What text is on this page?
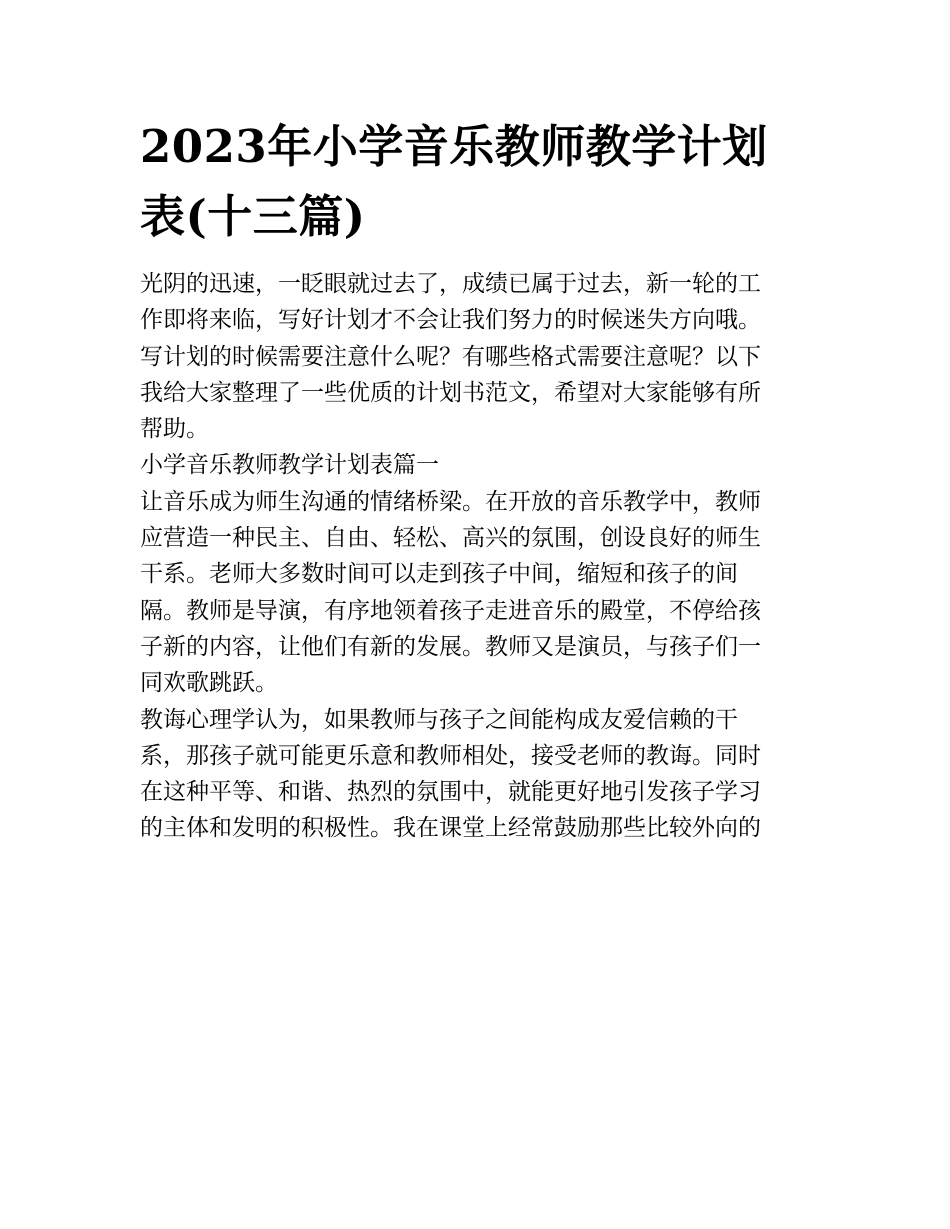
2023年小学音乐教师教学计划
表(十三篇)

光阴的迅速，一眨眼就过去了，成绩已属于过去，新一轮的工
作即将来临，写好计划才不会让我们努力的时候迷失方向哦。
写计划的时候需要注意什么呢？有哪些格式需要注意呢？以下
我给大家整理了一些优质的计划书范文，希望对大家能够有所
帮助。

小学音乐教师教学计划表篇一

让音乐成为师生沟通的情绪桥梁。在开放的音乐教学中，教师
应营造一种民主、自由、轻松、高兴的氛围，创设良好的师生
干系。老师大多数时间可以走到孩子中间，缩短和孩子的间
隔。教师是导演，有序地领着孩子走进音乐的殿堂，不停给孩
子新的内容，让他们有新的发展。教师又是演员，与孩子们一
同欢歌跳跃。

教诲心理学认为，如果教师与孩子之间能构成友爱信赖的干
系，那孩子就可能更乐意和教师相处，接受老师的教诲。同时
在这种平等、和谐、热烈的氛围中，就能更好地引发孩子学习
的主体和发明的积极性。我在课堂上经常鼓励那些比较外向的
